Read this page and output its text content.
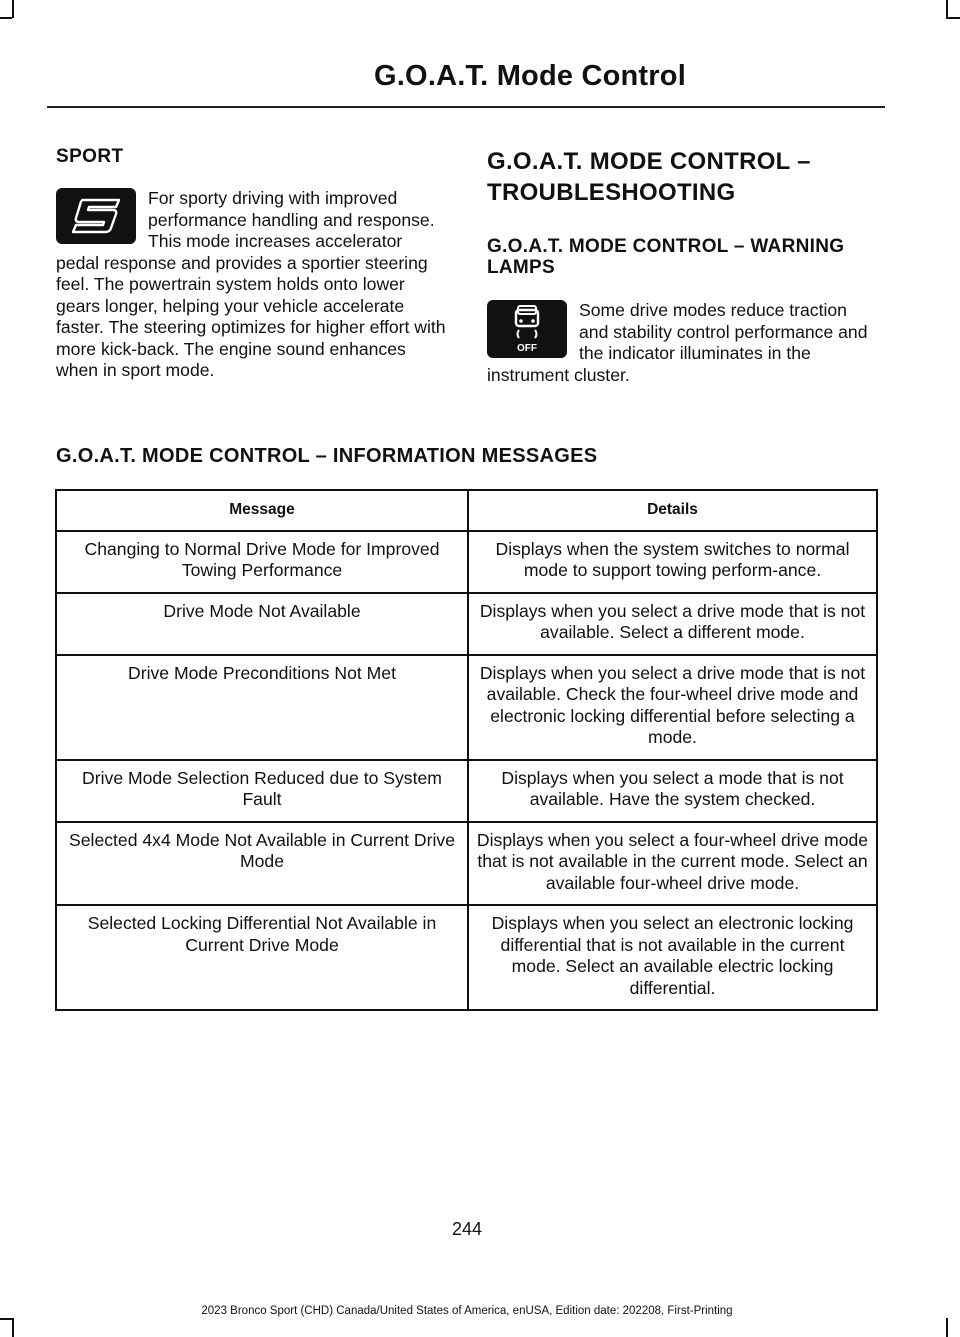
G.O.A.T. Mode Control
SPORT

For sporty driving with improved performance handling and response. This mode increases accelerator pedal response and provides a sportier steering feel. The powertrain system holds onto lower gears longer, helping your vehicle accelerate faster. The steering optimizes for higher effort with more kick-back. The engine sound enhances when in sport mode.

G.O.A.T. MODE CONTROL – TROUBLESHOOTING
G.O.A.T. MODE CONTROL – WARNING LAMPS
OFF

Some drive modes reduce traction and stability control performance and the indicator illuminates in the instrument cluster.

G.O.A.T. MODE CONTROL – INFORMATION MESSAGES
Message	Details
Changing to Normal Drive Mode for Improved Towing Performance	Displays when the system switches to normal mode to support towing perform-ance.
Drive Mode Not Available	Displays when you select a drive mode that is not available. Select a different mode.
Drive Mode Preconditions Not Met	Displays when you select a drive mode that is not available. Check the four-wheel drive mode and electronic locking differential before selecting a mode.
Drive Mode Selection Reduced due to System Fault	Displays when you select a mode that is not available. Have the system checked.
Selected 4x4 Mode Not Available in Current Drive Mode	Displays when you select a four-wheel drive mode that is not available in the current mode. Select an available four-wheel drive mode.
Selected Locking Differential Not Available in Current Drive Mode	Displays when you select an electronic locking differential that is not available in the current mode. Select an available electric locking differential.
244
2023 Bronco Sport (CHD) Canada/United States of America, enUSA, Edition date: 202208, First-Printing
